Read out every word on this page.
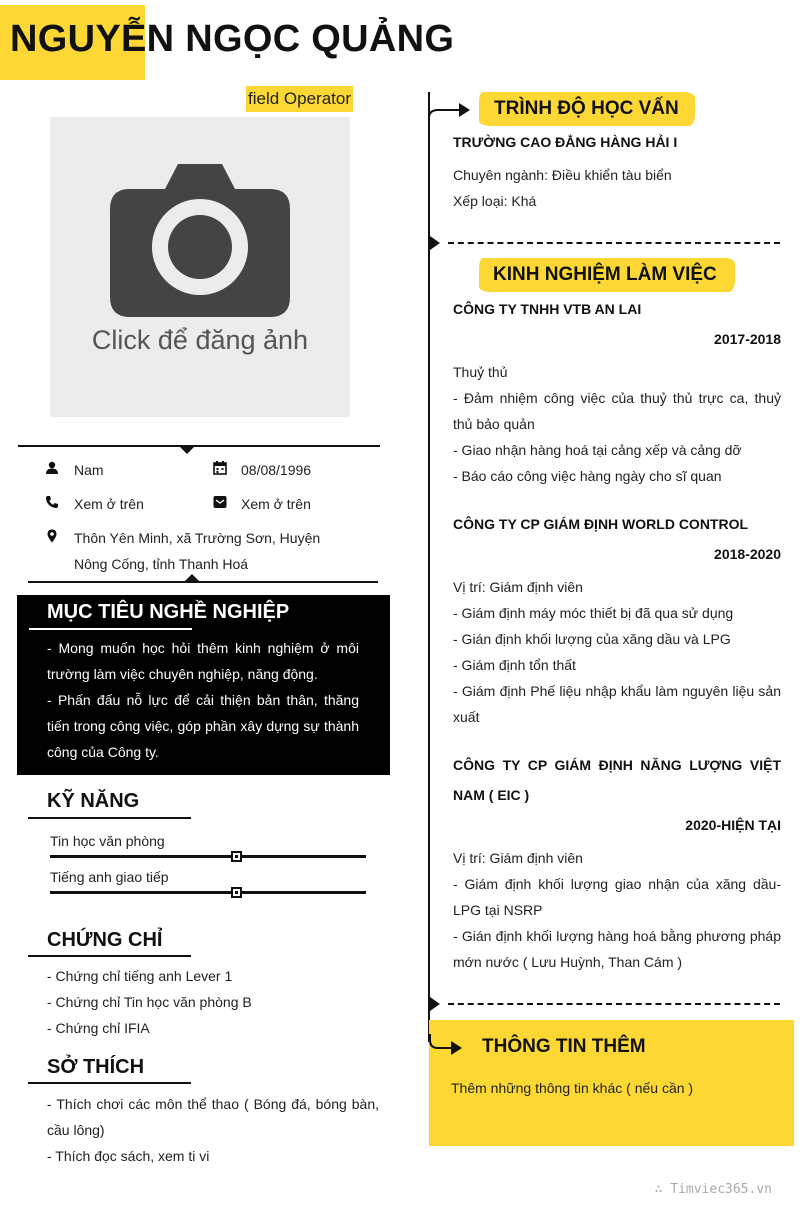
NGUYỄN NGỌC QUẢNG
field Operator
Click để đăng ảnh
Nam	08/08/1996
Xem ở trên	Xem ở trên
Thôn Yên Minh, xã Trường Sơn, Huyện
Nông Cống, tỉnh Thanh Hoá
MỤC TIÊU NGHỀ NGHIỆP
- Mong muốn học hỏi thêm kinh nghiệm ở môi trường làm việc chuyên nghiệp, năng động.
- Phấn đấu nỗ lực để cải thiện bản thân, thăng tiến trong công việc, góp phần xây dựng sự thành công của Công ty.
KỸ NĂNG
Tin học văn phòng
Tiếng anh giao tiếp
CHỨNG CHỈ
- Chứng chỉ tiếng anh Lever 1
- Chứng chỉ Tin học văn phòng B
- Chứng chỉ IFIA
SỞ THÍCH
- Thích chơi các môn thể thao ( Bóng đá, bóng bàn, cầu lông)
- Thích đọc sách, xem ti vi
TRÌNH ĐỘ HỌC VẤN
TRƯỜNG CAO ĐẲNG HÀNG HẢI I
Chuyên ngành: Điều khiển tàu biển
Xếp loại: Khá
KINH NGHIỆM LÀM VIỆC
CÔNG TY TNHH VTB AN LAI
2017-2018
Thuỷ thủ
- Đảm nhiệm công việc của thuỷ thủ trực ca, thuỷ thủ bảo quản
- Giao nhận hàng hoá tại cảng xếp và cảng dỡ
- Báo cáo công việc hàng ngày cho sĩ quan
CÔNG TY CP GIÁM ĐỊNH WORLD CONTROL
2018-2020
Vị trí: Giám định viên
- Giám định máy móc thiết bị đã qua sử dụng
- Gián định khối lượng của xăng dầu và LPG
- Giám định tổn thất
- Giám định Phế liệu nhập khẩu làm nguyên liệu sản xuất
CÔNG TY CP GIÁM ĐỊNH NĂNG LƯỢNG VIỆT NAM ( EIC )
2020-HIỆN TẠI
Vị trí: Giám định viên
- Giám định khối lượng giao nhận của xăng dầu-LPG tại NSRP
- Gián định khối lượng hàng hoá bằng phương pháp mớn nước ( Lưu Huỳnh, Than Cám )
THÔNG TIN THÊM
Thêm những thông tin khác ( nếu cần )
∴ Timviec365.vn
